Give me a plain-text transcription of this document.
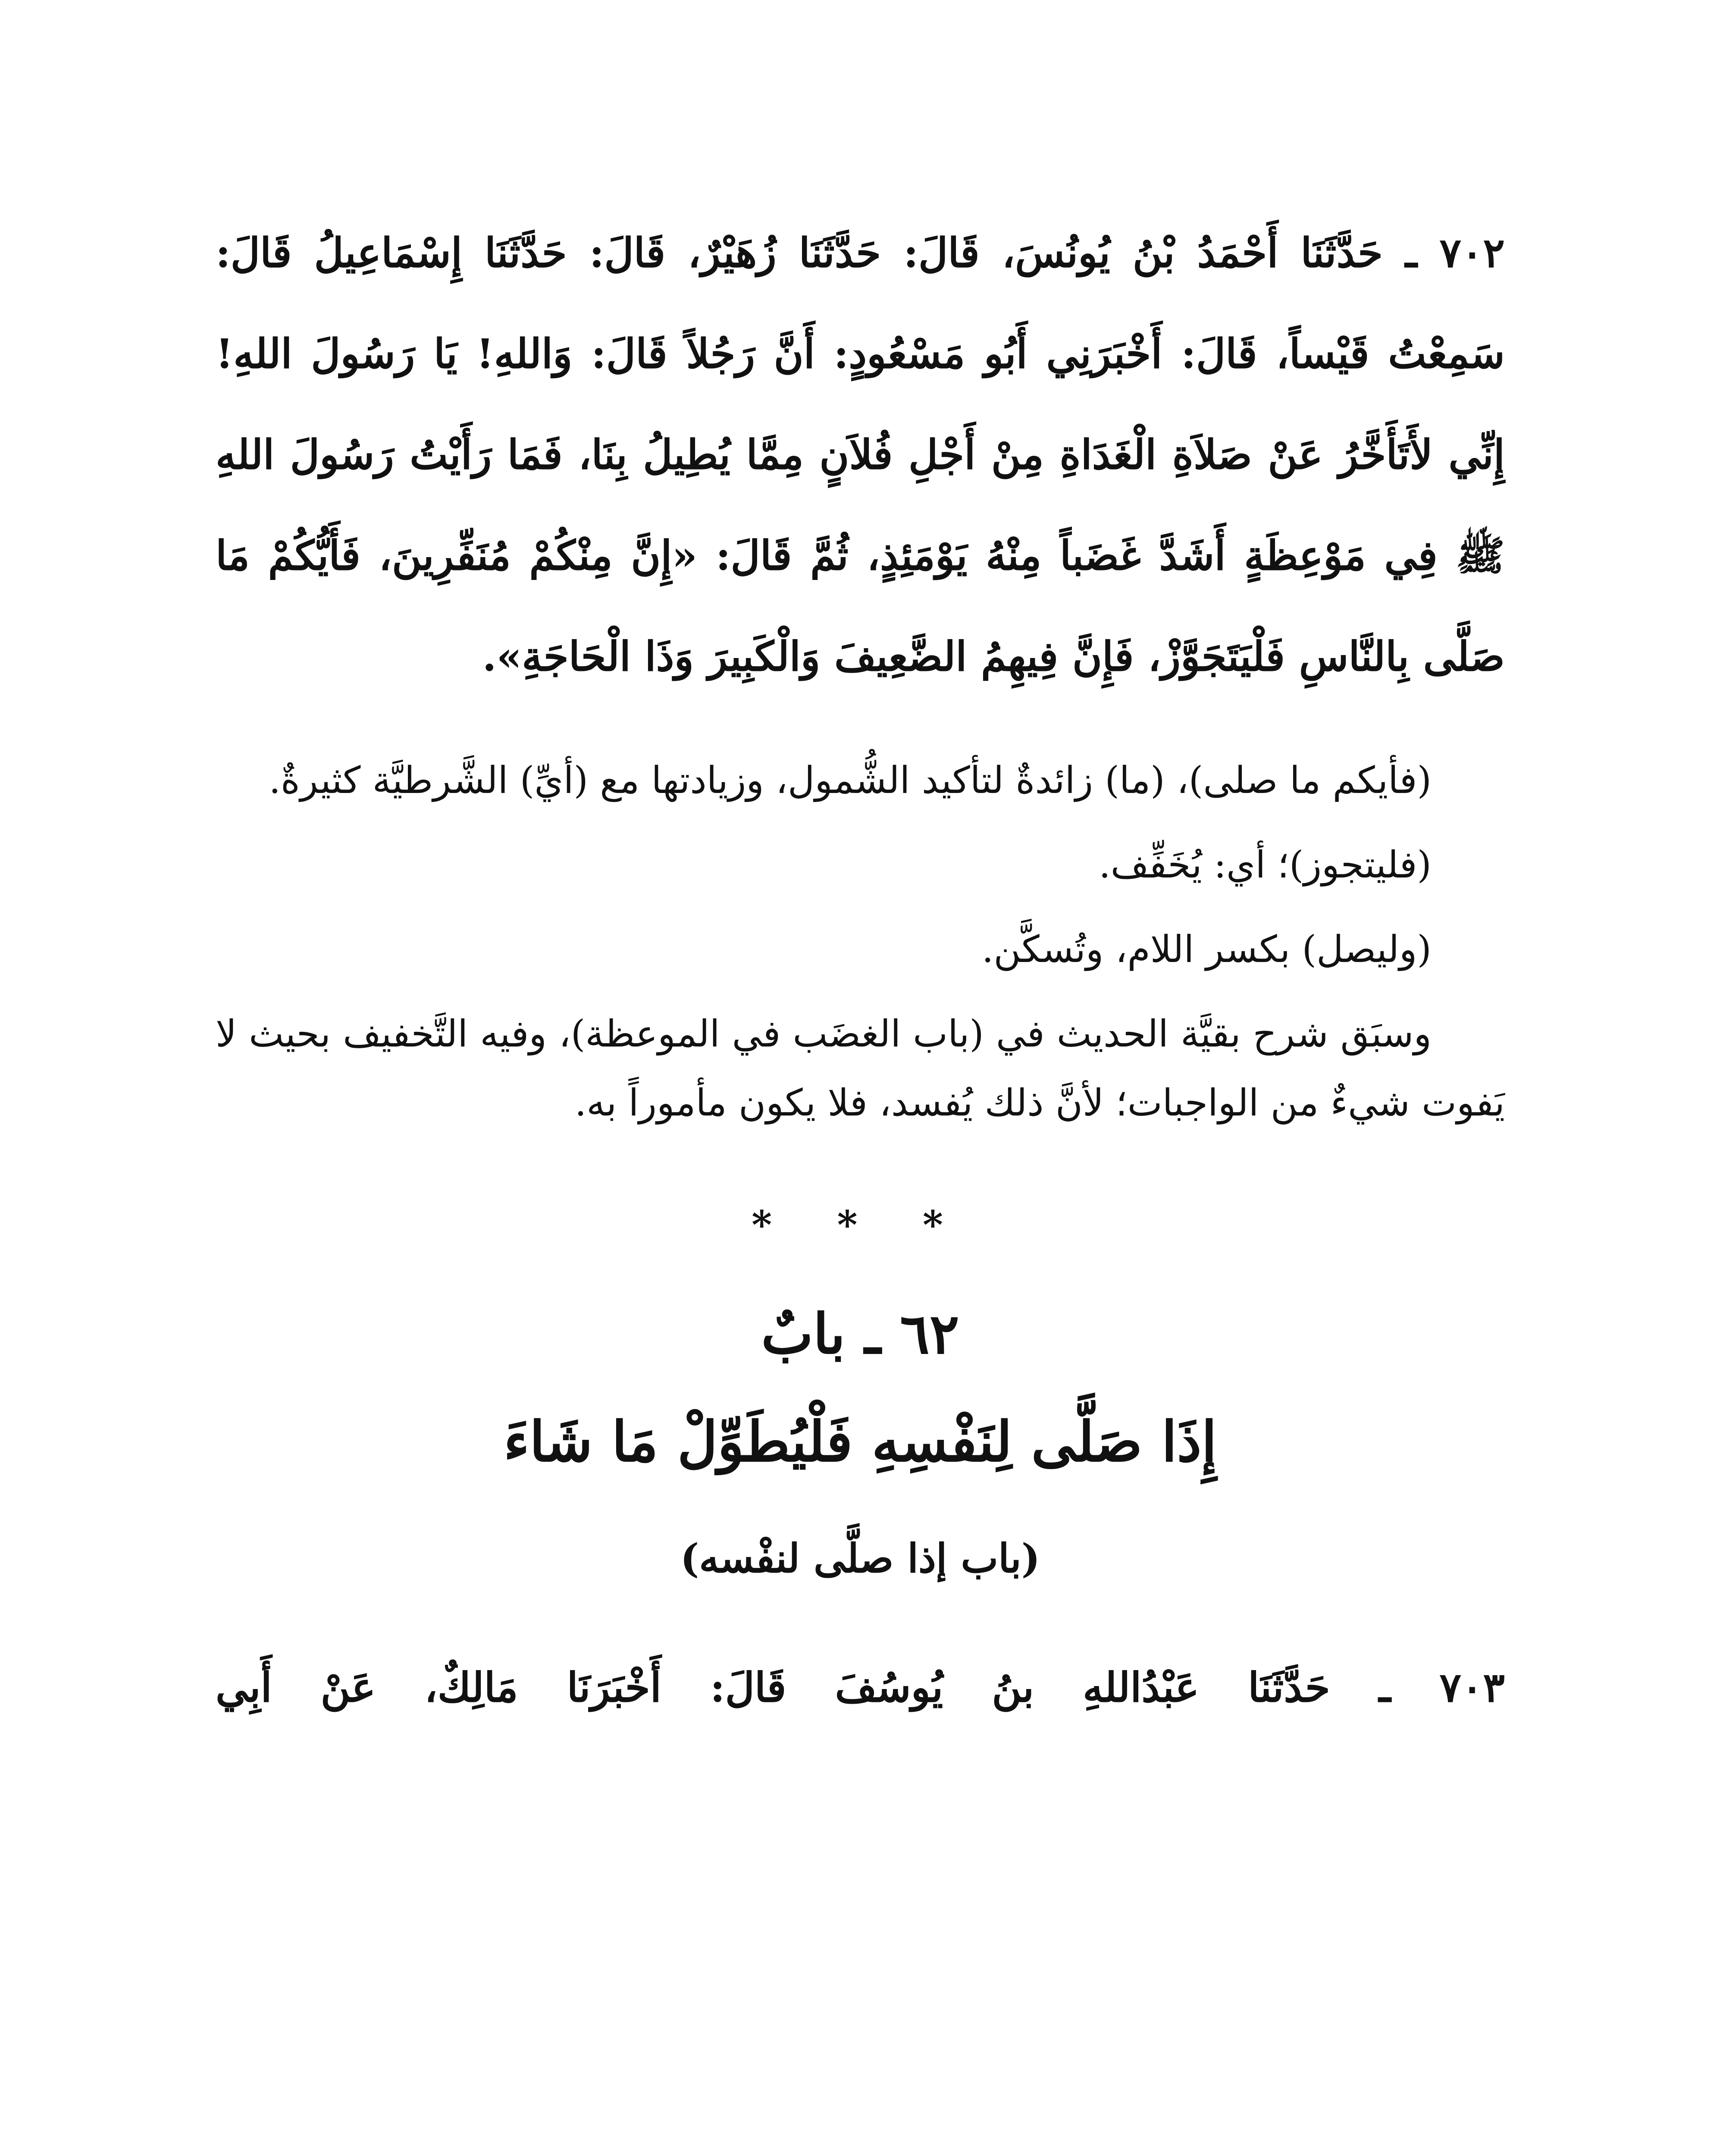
٧٠٢ ـ حَدَّثَنَا أَحْمَدُ بْنُ يُونُسَ، قَالَ: حَدَّثَنَا زُهَيْرٌ، قَالَ: حَدَّثَنَا إِسْمَاعِيلُ قَالَ: سَمِعْتُ قَيْساً، قَالَ: أَخْبَرَنِي أَبُو مَسْعُودٍ: أَنَّ رَجُلاً قَالَ: وَاللهِ! يَا رَسُولَ اللهِ! إِنِّي لأَتَأَخَّرُ عَنْ صَلاَةِ الْغَدَاةِ مِنْ أَجْلِ فُلاَنٍ مِمَّا يُطِيلُ بِنَا، فَمَا رَأَيْتُ رَسُولَ اللهِ ﷺ فِي مَوْعِظَةٍ أَشَدَّ غَضَباً مِنْهُ يَوْمَئِذٍ، ثُمَّ قَالَ: «إِنَّ مِنْكُمْ مُنَفِّرِينَ، فَأَيُّكُمْ مَا صَلَّى بِالنَّاسِ فَلْيَتَجَوَّزْ، فَإِنَّ فِيهِمُ الضَّعِيفَ وَالْكَبِيرَ وَذَا الْحَاجَةِ».

(فأيكم ما صلى)، (ما) زائدةٌ لتأكيد الشُّمول، وزيادتها مع (أيِّ) الشَّرطيَّة كثيرةٌ.

(فليتجوز)؛ أي: يُخَفِّف.

(وليصل) بكسر اللام، وتُسكَّن.

وسبَق شرح بقيَّة الحديث في (باب الغضَب في الموعظة)، وفيه التَّخفيف بحيث لا يَفوت شيءٌ من الواجبات؛ لأنَّ ذلك يُفسد، فلا يكون مأموراً به.

* * *
٦٢ ـ بابٌ
إِذَا صَلَّى لِنَفْسِهِ فَلْيُطَوِّلْ مَا شَاءَ
(باب إذا صلَّى لنفْسه)

٧٠٣ ـ حَدَّثَنَا عَبْدُاللهِ بنُ يُوسُفَ قَالَ: أَخْبَرَنَا مَالِكٌ، عَنْ أَبِي
